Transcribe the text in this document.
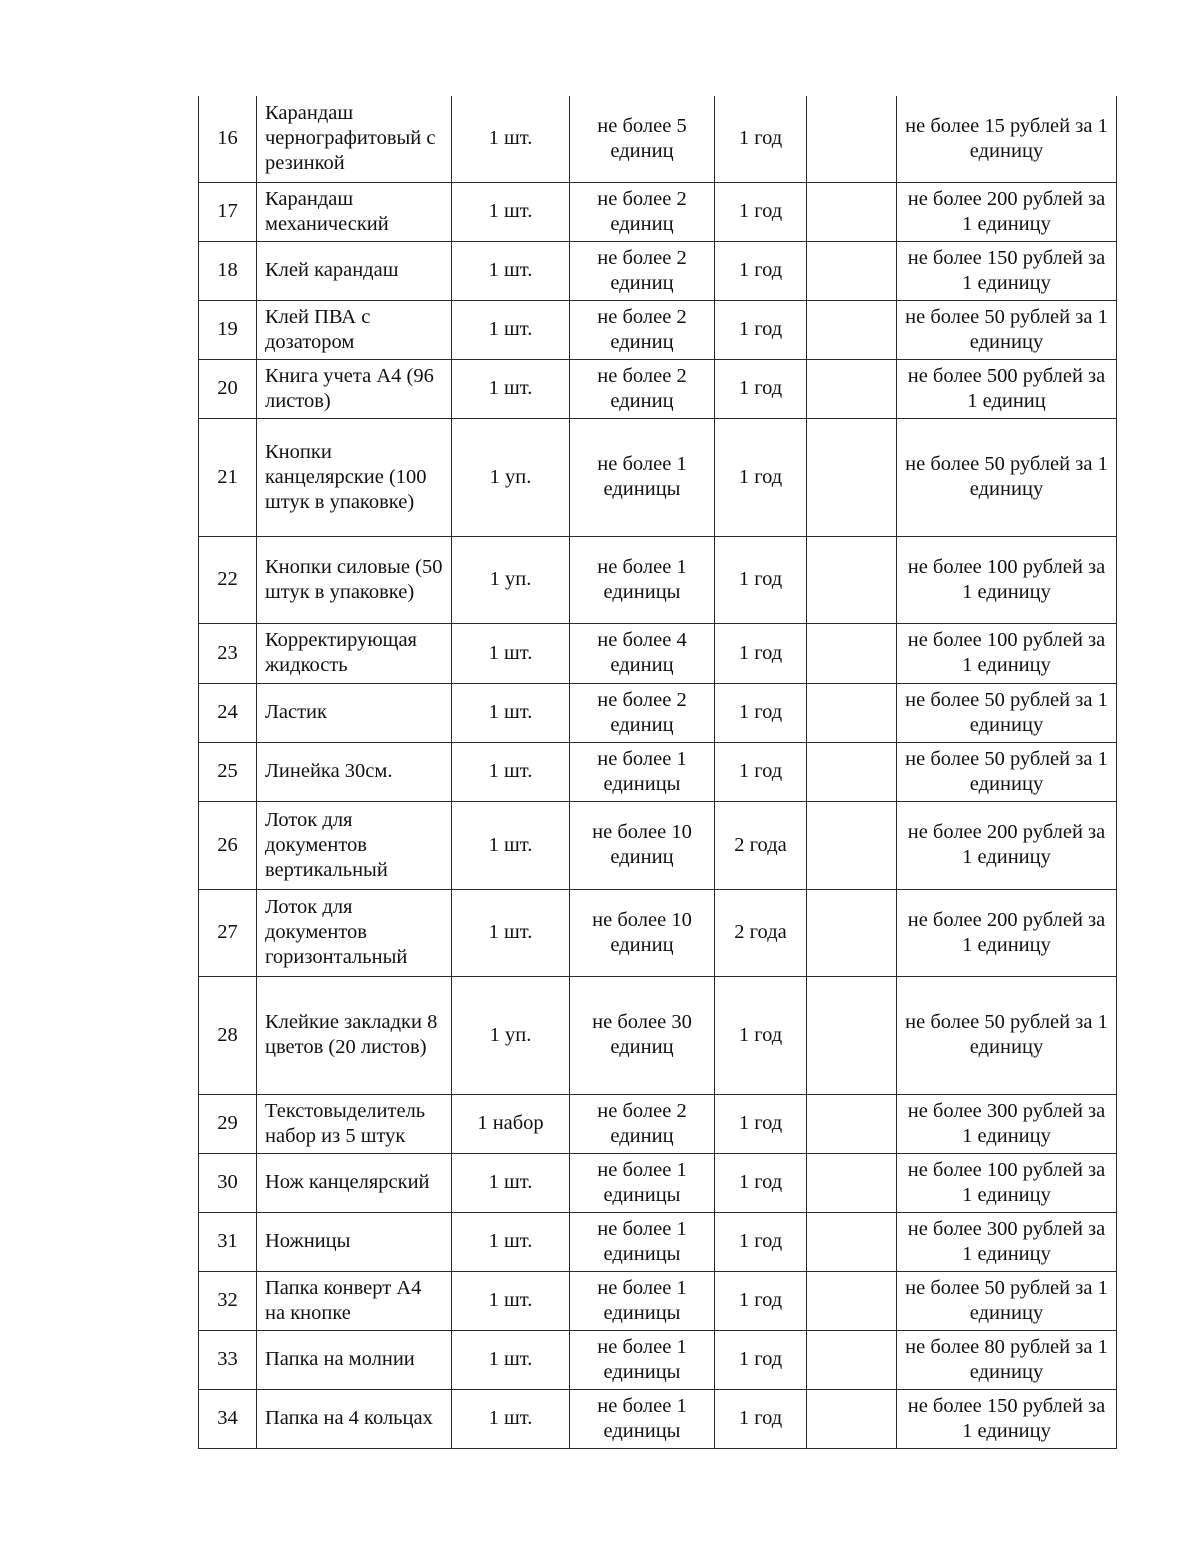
16	Карандаш чернографитовый с резинкой	1 шт.	не более 5 единиц	1 год		не более 15 рублей за 1 единицу
17	Карандаш механический	1 шт.	не более 2 единиц	1 год		не более 200 рублей за 1 единицу
18	Клей карандаш	1 шт.	не более 2 единиц	1 год		не более 150 рублей за 1 единицу
19	Клей ПВА с дозатором	1 шт.	не более 2 единиц	1 год		не более 50 рублей за 1 единицу
20	Книга учета А4 (96 листов)	1 шт.	не более 2 единиц	1 год		не более 500 рублей за 1 единиц
21	Кнопки канцелярские (100 штук в упаковке)	1 уп.	не более 1 единицы	1 год		не более 50 рублей за 1 единицу
22	Кнопки силовые (50 штук в упаковке)	1 уп.	не более 1 единицы	1 год		не более 100 рублей за 1 единицу
23	Корректирующая жидкость	1 шт.	не более 4 единиц	1 год		не более 100 рублей за 1 единицу
24	Ластик	1 шт.	не более 2 единиц	1 год		не более 50 рублей за 1 единицу
25	Линейка 30см.	1 шт.	не более 1 единицы	1 год		не более 50 рублей за 1 единицу
26	Лоток для документов вертикальный	1 шт.	не более 10 единиц	2 года		не более 200 рублей за 1 единицу
27	Лоток для документов горизонтальный	1 шт.	не более 10 единиц	2 года		не более 200 рублей за 1 единицу
28	Клейкие закладки 8 цветов (20 листов)	1 уп.	не более 30 единиц	1 год		не более 50 рублей за 1 единицу
29	Текстовыделитель набор из 5 штук	1 набор	не более 2 единиц	1 год		не более 300 рублей за 1 единицу
30	Нож канцелярский	1 шт.	не более 1 единицы	1 год		не более 100 рублей за 1 единицу
31	Ножницы	1 шт.	не более 1 единицы	1 год		не более 300 рублей за 1 единицу
32	Папка конверт А4 на кнопке	1 шт.	не более 1 единицы	1 год		не более 50 рублей за 1 единицу
33	Папка на молнии	1 шт.	не более 1 единицы	1 год		не более 80 рублей за 1 единицу
34	Папка на 4 кольцах	1 шт.	не более 1 единицы	1 год		не более 150 рублей за 1 единицу
